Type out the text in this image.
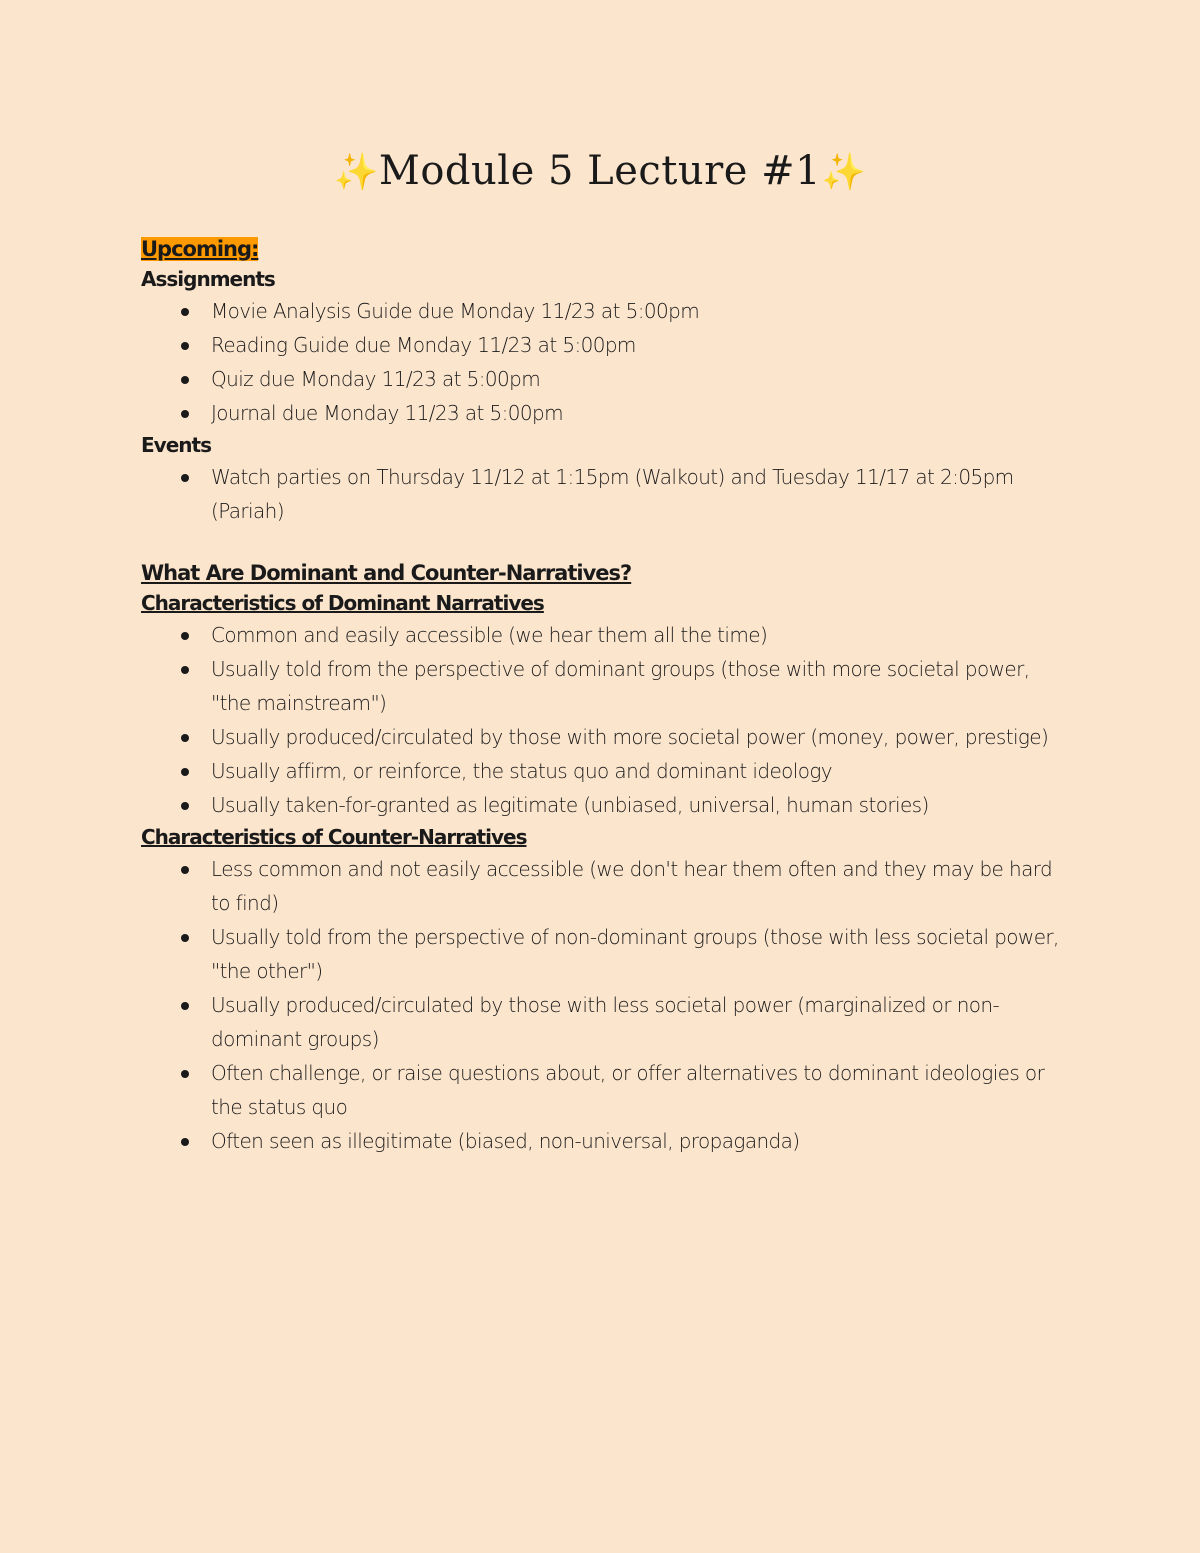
✨Module 5 Lecture #1✨
Upcoming:
Assignments
Movie Analysis Guide due Monday 11/23 at 5:00pm
Reading Guide due Monday 11/23 at 5:00pm
Quiz due Monday 11/23 at 5:00pm
Journal due Monday 11/23 at 5:00pm
Events
Watch parties on Thursday 11/12 at 1:15pm (Walkout) and Tuesday 11/17 at 2:05pm (Pariah)
What Are Dominant and Counter-Narratives?
Characteristics of Dominant Narratives
Common and easily accessible (we hear them all the time)
Usually told from the perspective of dominant groups (those with more societal power, "the mainstream")
Usually produced/circulated by those with more societal power (money, power, prestige)
Usually affirm, or reinforce, the status quo and dominant ideology
Usually taken-for-granted as legitimate (unbiased, universal, human stories)
Characteristics of Counter-Narratives
Less common and not easily accessible (we don't hear them often and they may be hard to find)
Usually told from the perspective of non-dominant groups (those with less societal power, "the other")
Usually produced/circulated by those with less societal power (marginalized or non-dominant groups)
Often challenge, or raise questions about, or offer alternatives to dominant ideologies or the status quo
Often seen as illegitimate (biased, non-universal, propaganda)
